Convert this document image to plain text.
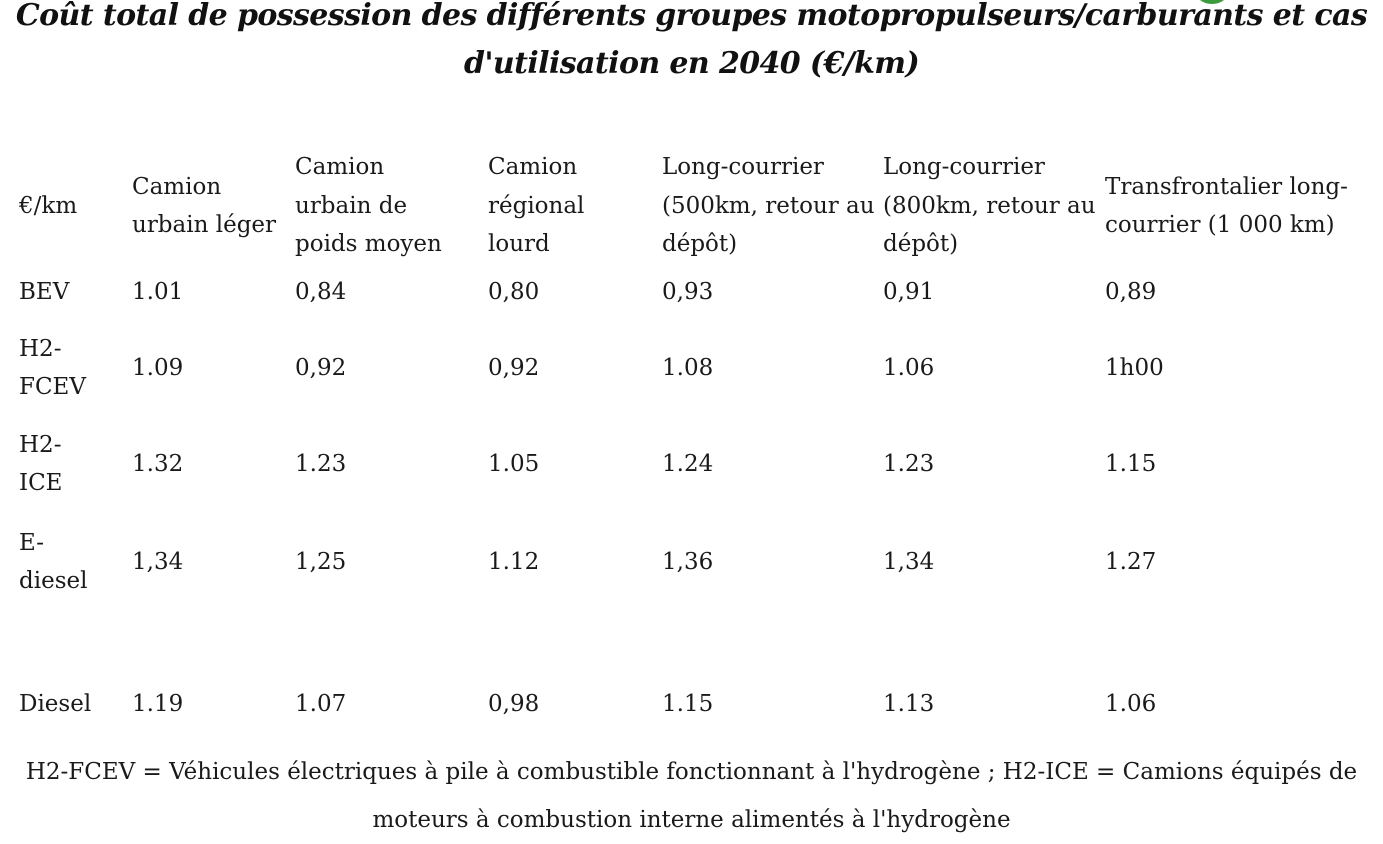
Coût total de possession des différents groupes motopropulseurs/carburants et cas d'utilisation en 2040 (€/km)
€/km	Camion urbain léger	Camion urbain de poids moyen	Camion régional lourd	Long-courrier (500km, retour au dépôt)	Long-courrier (800km, retour au dépôt)	Transfrontalier long-courrier (1 000 km)
BEV	1.01	0,84	0,80	0,93	0,91	0,89
H2-FCEV	1.09	0,92	0,92	1.08	1.06	1h00
H2-ICE	1.32	1.23	1.05	1.24	1.23	1.15
E-diesel	1,34	1,25	1.12	1,36	1,34	1.27

Diesel	1.19	1.07	0,98	1.15	1.13	1.06

H2-FCEV = Véhicules électriques à pile à combustible fonctionnant à l'hydrogène ; H2-ICE = Camions équipés de moteurs à combustion interne alimentés à l'hydrogène
